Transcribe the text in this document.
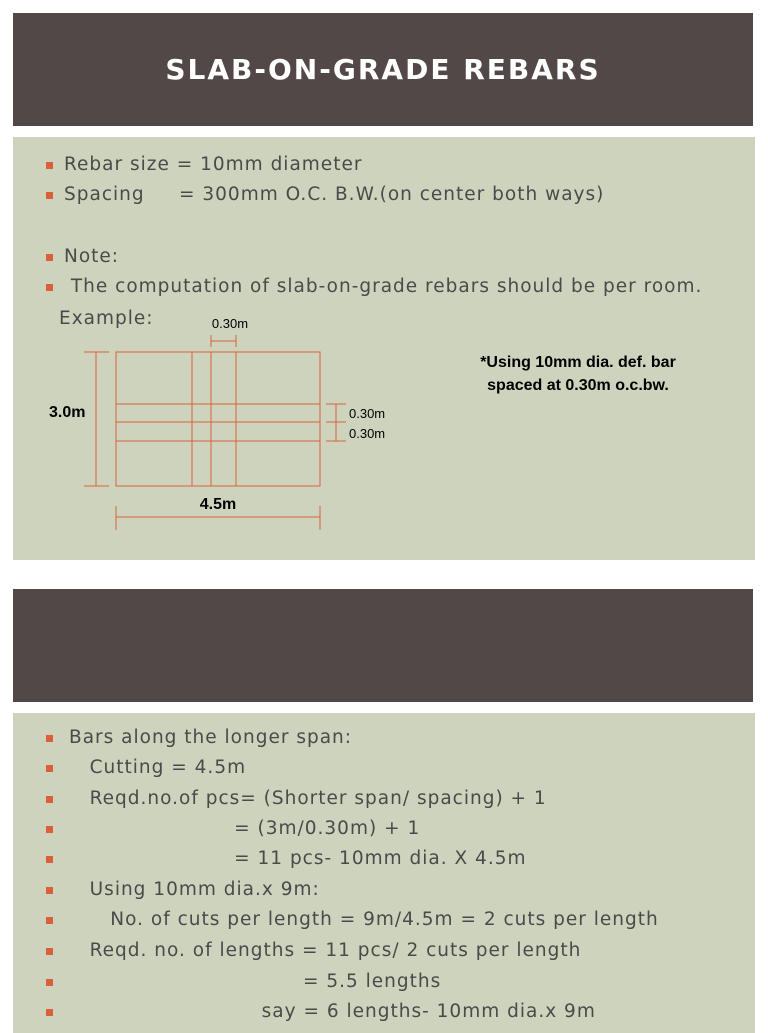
SLAB-ON-GRADE REBARS
Rebar size = 10mm diameter
Spacing     = 300mm O.C. B.W.(on center both ways)
Note:
The computation of slab-on-grade rebars should be per room.
Example:	0.30m
3.0m
4.5m
0.30m
0.30m
*Using 10mm dia. def. bar
spaced at 0.30m o.c.bw.
Bars along the longer span:
Cutting = 4.5m
Reqd.no.of pcs= (Shorter span/ spacing) + 1
= (3m/0.30m) + 1
= 11 pcs- 10mm dia. X 4.5m
Using 10mm dia.x 9m:
No. of cuts per length = 9m/4.5m = 2 cuts per length
Reqd. no. of lengths = 11 pcs/ 2 cuts per length
= 5.5 lengths
say = 6 lengths- 10mm dia.x 9m
